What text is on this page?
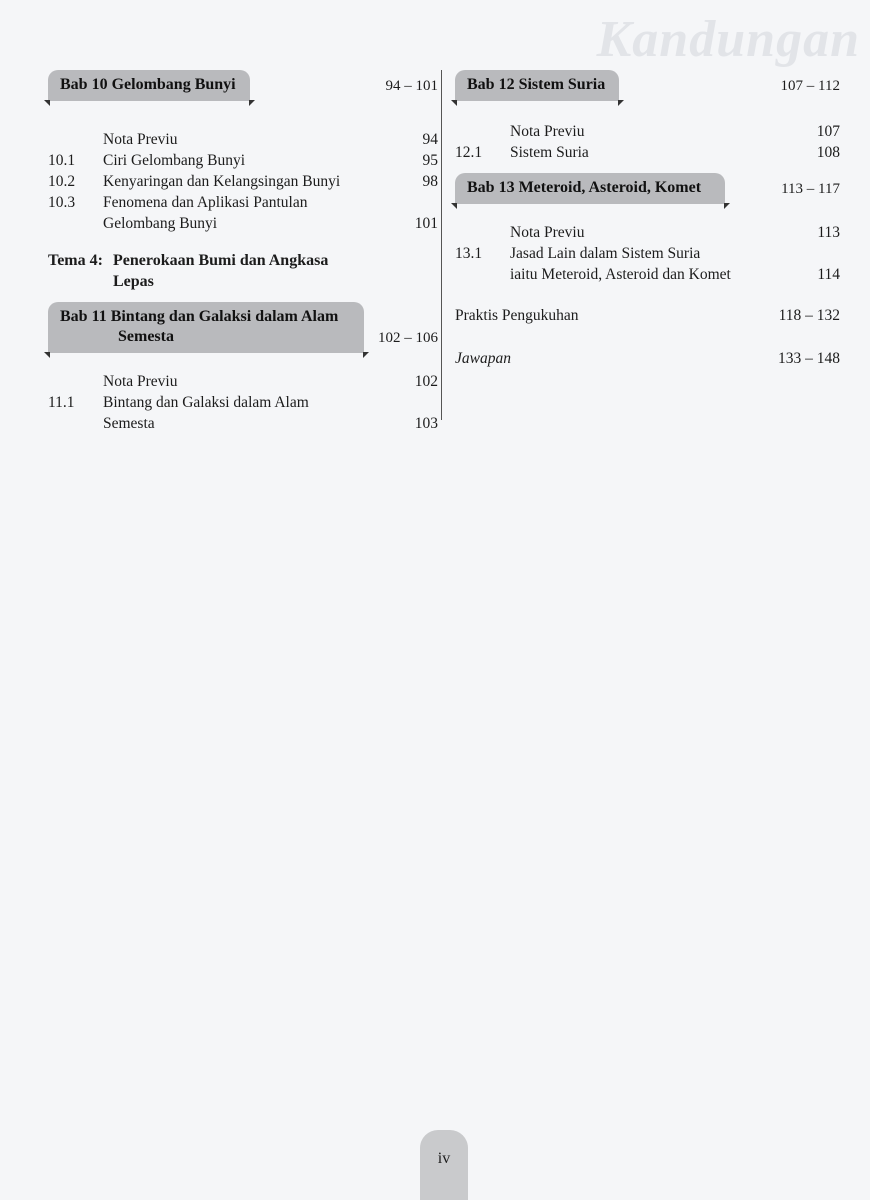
Kandungan
Bab 10 Gelombang Bunyi	94 – 101
Nota Previu	94
10.1	Ciri Gelombang Bunyi	95
10.2	Kenyaringan dan Kelangsingan Bunyi	98
10.3	Fenomena dan Aplikasi Pantulan
Gelombang Bunyi	101
Tema 4: Penerokaan Bumi dan Angkasa
Lepas
Bab 11 Bintang dan Galaksi dalam Alam
Semesta	102 – 106
Nota Previu	102
11.1	Bintang dan Galaksi dalam Alam
Semesta	103
Bab 12 Sistem Suria	107 – 112
Nota Previu	107
12.1	Sistem Suria	108
Bab 13 Meteroid, Asteroid, Komet	113 – 117
Nota Previu	113
13.1	Jasad Lain dalam Sistem Suria
iaitu Meteroid, Asteroid dan Komet	114
Praktis Pengukuhan	118 – 132
Jawapan	133 – 148
iv
